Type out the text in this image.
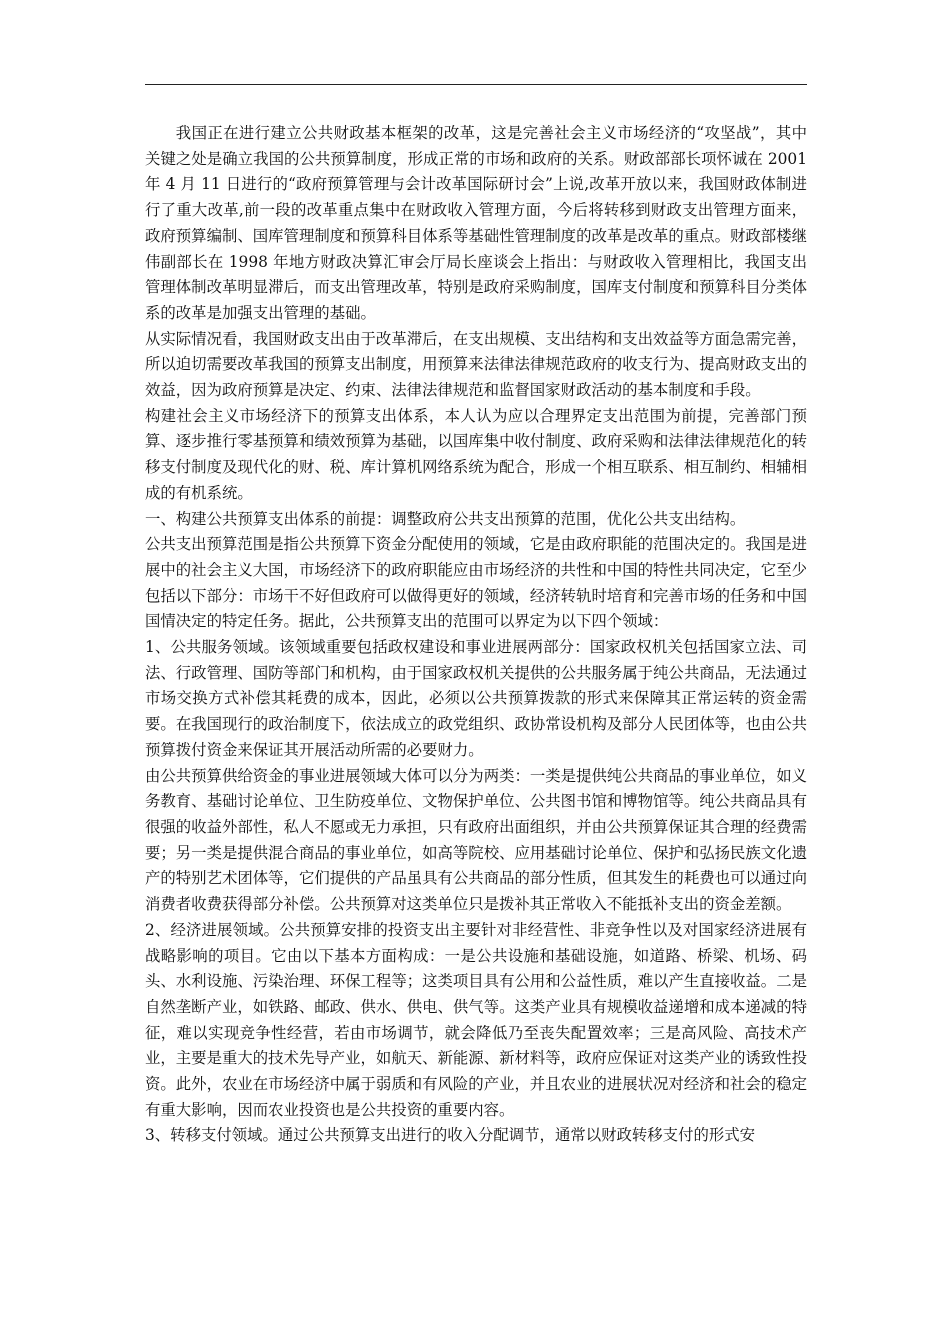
我国正在进行建立公共财政基本框架的改革，这是完善社会主义市场经济的“攻坚战”，其中关键之处是确立我国的公共预算制度，形成正常的市场和政府的关系。财政部部长项怀诚在 2001 年 4 月 11 日进行的“政府预算管理与会计改革国际研讨会”上说,改革开放以来，我国财政体制进行了重大改革,前一段的改革重点集中在财政收入管理方面，今后将转移到财政支出管理方面来，政府预算编制、国库管理制度和预算科目体系等基础性管理制度的改革是改革的重点。财政部楼继伟副部长在 1998 年地方财政决算汇审会厅局长座谈会上指出：与财政收入管理相比，我国支出管理体制改革明显滞后，而支出管理改革，特别是政府采购制度，国库支付制度和预算科目分类体系的改革是加强支出管理的基础。

从实际情况看，我国财政支出由于改革滞后，在支出规模、支出结构和支出效益等方面急需完善，所以迫切需要改革我国的预算支出制度，用预算来法律法律规范政府的收支行为、提高财政支出的效益，因为政府预算是决定、约束、法律法律规范和监督国家财政活动的基本制度和手段。

构建社会主义市场经济下的预算支出体系，本人认为应以合理界定支出范围为前提，完善部门预算、逐步推行零基预算和绩效预算为基础，以国库集中收付制度、政府采购和法律法律规范化的转移支付制度及现代化的财、税、库计算机网络系统为配合，形成一个相互联系、相互制约、相辅相成的有机系统。

一、构建公共预算支出体系的前提：调整政府公共支出预算的范围，优化公共支出结构。

公共支出预算范围是指公共预算下资金分配使用的领域，它是由政府职能的范围决定的。我国是进展中的社会主义大国，市场经济下的政府职能应由市场经济的共性和中国的特性共同决定，它至少包括以下部分：市场干不好但政府可以做得更好的领域，经济转轨时培育和完善市场的任务和中国国情决定的特定任务。据此，公共预算支出的范围可以界定为以下四个领域：

1、公共服务领域。该领域重要包括政权建设和事业进展两部分：国家政权机关包括国家立法、司法、行政管理、国防等部门和机构，由于国家政权机关提供的公共服务属于纯公共商品，无法通过市场交换方式补偿其耗费的成本，因此，必须以公共预算拨款的形式来保障其正常运转的资金需要。在我国现行的政治制度下，依法成立的政党组织、政协常设机构及部分人民团体等，也由公共预算拨付资金来保证其开展活动所需的必要财力。

由公共预算供给资金的事业进展领域大体可以分为两类：一类是提供纯公共商品的事业单位，如义务教育、基础讨论单位、卫生防疫单位、文物保护单位、公共图书馆和博物馆等。纯公共商品具有很强的收益外部性，私人不愿或无力承担，只有政府出面组织，并由公共预算保证其合理的经费需要；另一类是提供混合商品的事业单位，如高等院校、应用基础讨论单位、保护和弘扬民族文化遗产的特别艺术团体等，它们提供的产品虽具有公共商品的部分性质，但其发生的耗费也可以通过向消费者收费获得部分补偿。公共预算对这类单位只是拨补其正常收入不能抵补支出的资金差额。

2、经济进展领域。公共预算安排的投资支出主要针对非经营性、非竞争性以及对国家经济进展有战略影响的项目。它由以下基本方面构成：一是公共设施和基础设施，如道路、桥梁、机场、码头、水利设施、污染治理、环保工程等；这类项目具有公用和公益性质，难以产生直接收益。二是自然垄断产业，如铁路、邮政、供水、供电、供气等。这类产业具有规模收益递增和成本递减的特征，难以实现竞争性经营，若由市场调节，就会降低乃至丧失配置效率；三是高风险、高技术产业，主要是重大的技术先导产业，如航天、新能源、新材料等，政府应保证对这类产业的诱致性投资。此外，农业在市场经济中属于弱质和有风险的产业，并且农业的进展状况对经济和社会的稳定有重大影响，因而农业投资也是公共投资的重要内容。

3、转移支付领域。通过公共预算支出进行的收入分配调节，通常以财政转移支付的形式安
